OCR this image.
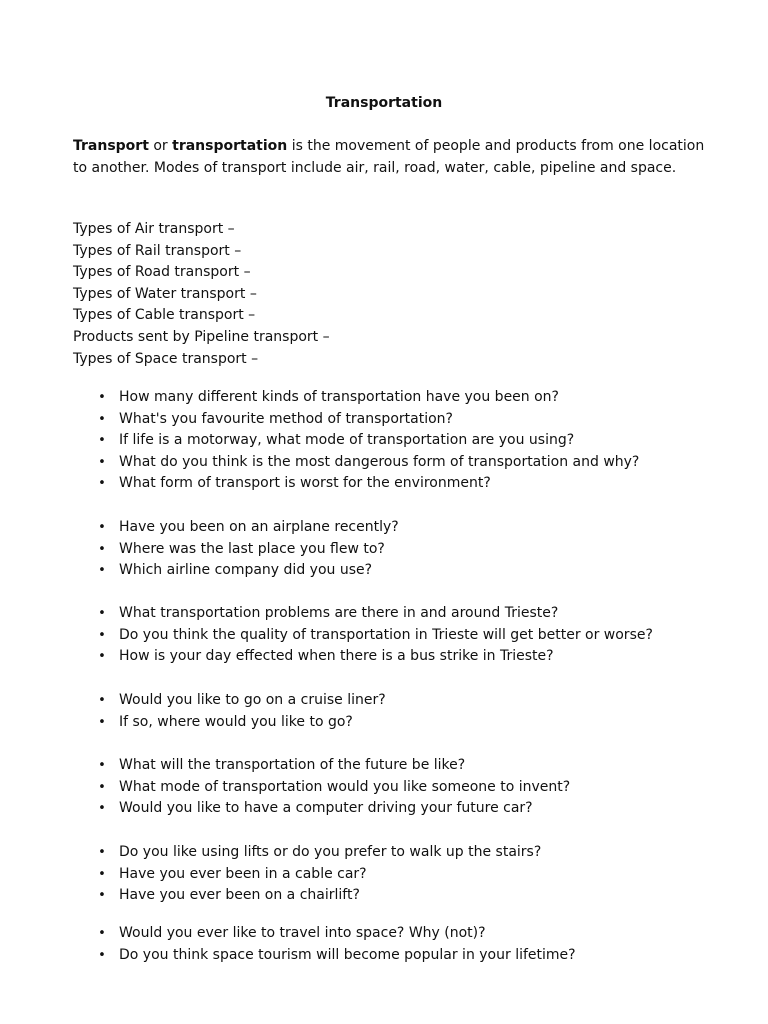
Transportation
Transport or transportation is the movement of people and products from one location to another. Modes of transport include air, rail, road, water, cable, pipeline and space.
Types of Air transport –
Types of Rail transport –
Types of Road transport –
Types of Water transport –
Types of Cable transport –
Products sent by Pipeline transport –
Types of Space transport –
• How many different kinds of transportation have you been on?
• What's you favourite method of transportation?
• If life is a motorway, what mode of transportation are you using?
• What do you think is the most dangerous form of transportation and why?
• What form of transport is worst for the environment?
• Have you been on an airplane recently?
• Where was the last place you flew to?
• Which airline company did you use?
• What transportation problems are there in and around Trieste?
• Do you think the quality of transportation in Trieste will get better or worse?
• How is your day effected when there is a bus strike in Trieste?
• Would you like to go on a cruise liner?
• If so, where would you like to go?
• What will the transportation of the future be like?
• What mode of transportation would you like someone to invent?
• Would you like to have a computer driving your future car?
• Do you like using lifts or do you prefer to walk up the stairs?
• Have you ever been in a cable car?
• Have you ever been on a chairlift?
• Would you ever like to travel into space? Why (not)?
• Do you think space tourism will become popular in your lifetime?
